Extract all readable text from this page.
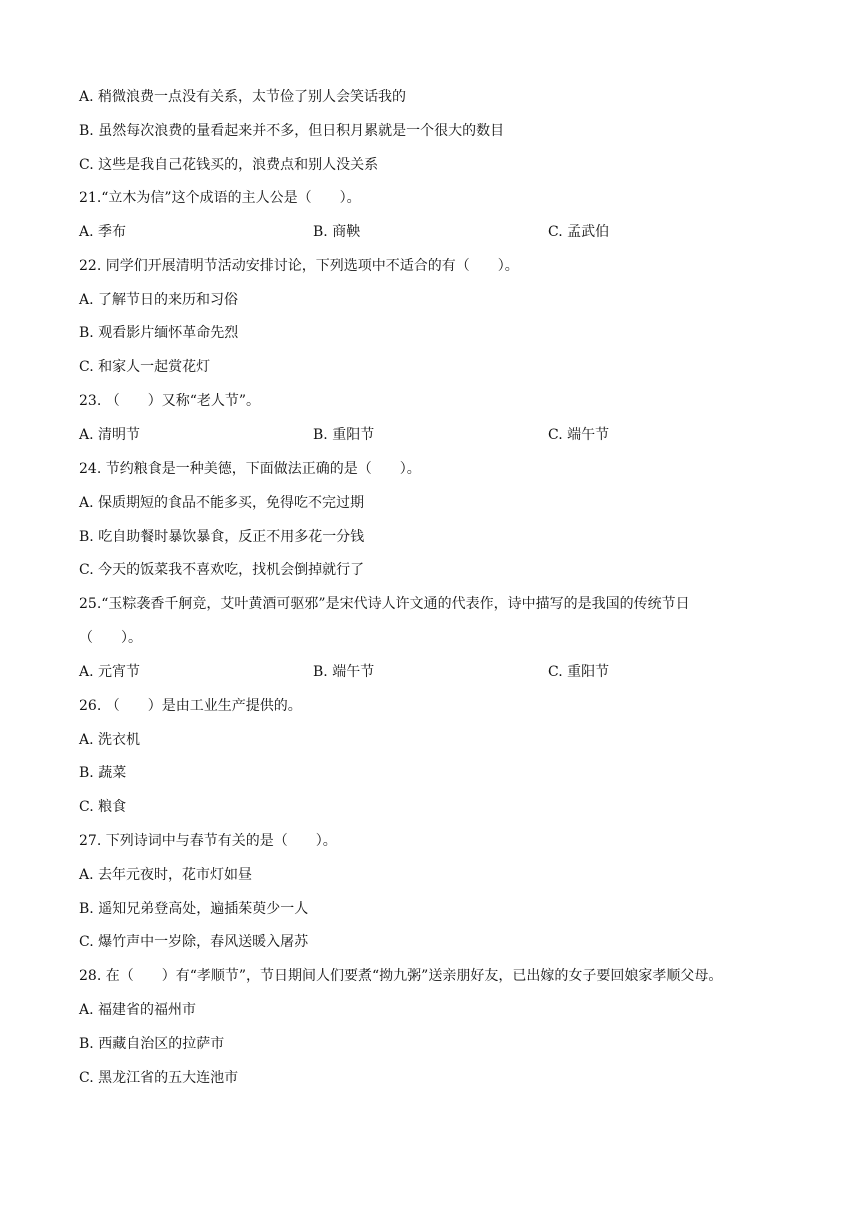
A. 稍微浪费一点没有关系，太节俭了别人会笑话我的
B. 虽然每次浪费的量看起来并不多，但日积月累就是一个很大的数目
C. 这些是我自己花钱买的，浪费点和别人没关系
21.“立木为信”这个成语的主人公是（　　）。
A. 季布	B. 商鞅	C. 孟武伯
22. 同学们开展清明节活动安排讨论，下列选项中不适合的有（　　）。
A. 了解节日的来历和习俗
B. 观看影片缅怀革命先烈
C. 和家人一起赏花灯
23. （　　）又称“老人节”。
A. 清明节	B. 重阳节	C. 端午节
24. 节约粮食是一种美德，下面做法正确的是（　　）。
A. 保质期短的食品不能多买，免得吃不完过期
B. 吃自助餐时暴饮暴食，反正不用多花一分钱
C. 今天的饭菜我不喜欢吃，找机会倒掉就行了
25.“玉粽袭香千舸竞，艾叶黄酒可驱邪”是宋代诗人许文通的代表作，诗中描写的是我国的传统节日
（　　）。
A. 元宵节	B. 端午节	C. 重阳节
26. （　　）是由工业生产提供的。
A. 洗衣机
B. 蔬菜
C. 粮食
27. 下列诗词中与春节有关的是（　　）。
A. 去年元夜时，花市灯如昼
B. 遥知兄弟登高处，遍插茱萸少一人
C. 爆竹声中一岁除，春风送暖入屠苏
28. 在（　　）有“孝顺节”，节日期间人们要煮“拗九粥”送亲朋好友，已出嫁的女子要回娘家孝顺父母。
A. 福建省的福州市
B. 西藏自治区的拉萨市
C. 黑龙江省的五大连池市
